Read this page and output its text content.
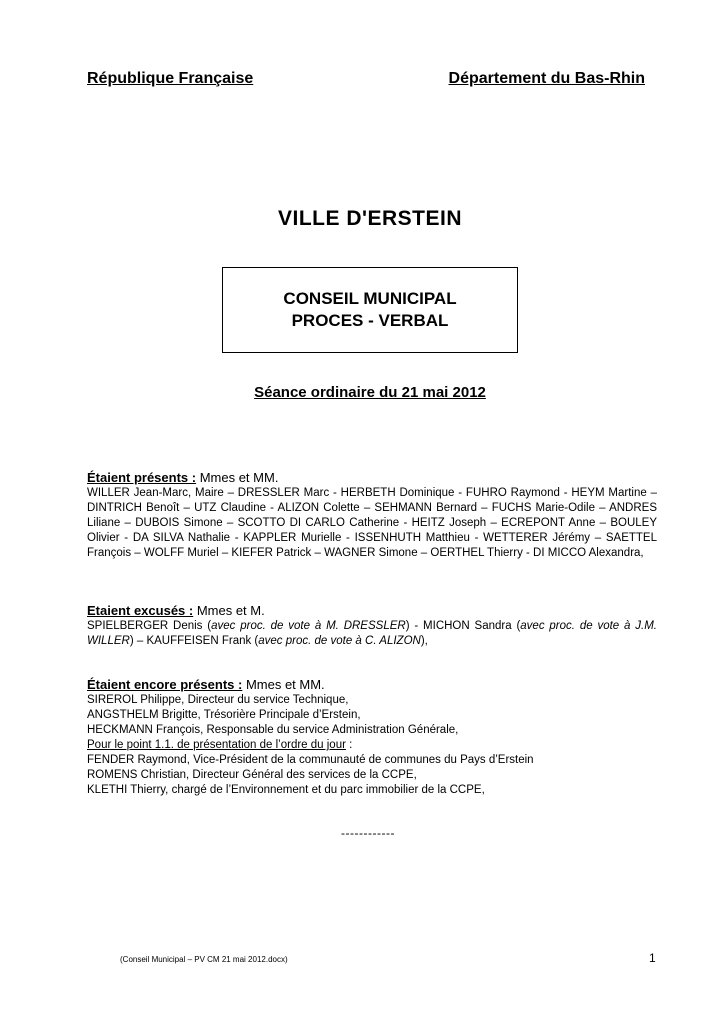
République Française	Département du Bas-Rhin
VILLE D'ERSTEIN
CONSEIL MUNICIPAL
PROCES - VERBAL
Séance ordinaire du 21 mai 2012
Étaient présents : Mmes et MM.

WILLER Jean-Marc, Maire – DRESSLER Marc - HERBETH Dominique - FUHRO Raymond - HEYM Martine – DINTRICH Benoît – UTZ Claudine - ALIZON Colette – SEHMANN Bernard – FUCHS Marie-Odile – ANDRES Liliane – DUBOIS Simone – SCOTTO DI CARLO Catherine - HEITZ Joseph – ECREPONT Anne – BOULEY Olivier - DA SILVA Nathalie - KAPPLER Murielle - ISSENHUTH Matthieu - WETTERER Jérémy – SAETTEL François – WOLFF Muriel – KIEFER Patrick – WAGNER Simone – OERTHEL Thierry - DI MICCO Alexandra,

Etaient excusés : Mmes et M.

SPIELBERGER Denis (avec proc. de vote à M. DRESSLER) - MICHON Sandra (avec proc. de vote à J.M. WILLER) – KAUFFEISEN Frank (avec proc. de vote à C. ALIZON),

Étaient encore présents : Mmes et MM.

SIREROL Philippe, Directeur du service Technique,

ANGSTHELM Brigitte, Trésorière Principale d’Erstein,

HECKMANN François, Responsable du service Administration Générale,

Pour le point 1.1. de présentation de l’ordre du jour :

FENDER Raymond, Vice-Président de la communauté de communes du Pays d’Erstein

ROMENS Christian, Directeur Général des services de la CCPE,

KLETHI Thierry, chargé de l’Environnement et du parc immobilier de la CCPE,

------------
(Conseil Municipal – PV CM 21 mai 2012.docx)	1
